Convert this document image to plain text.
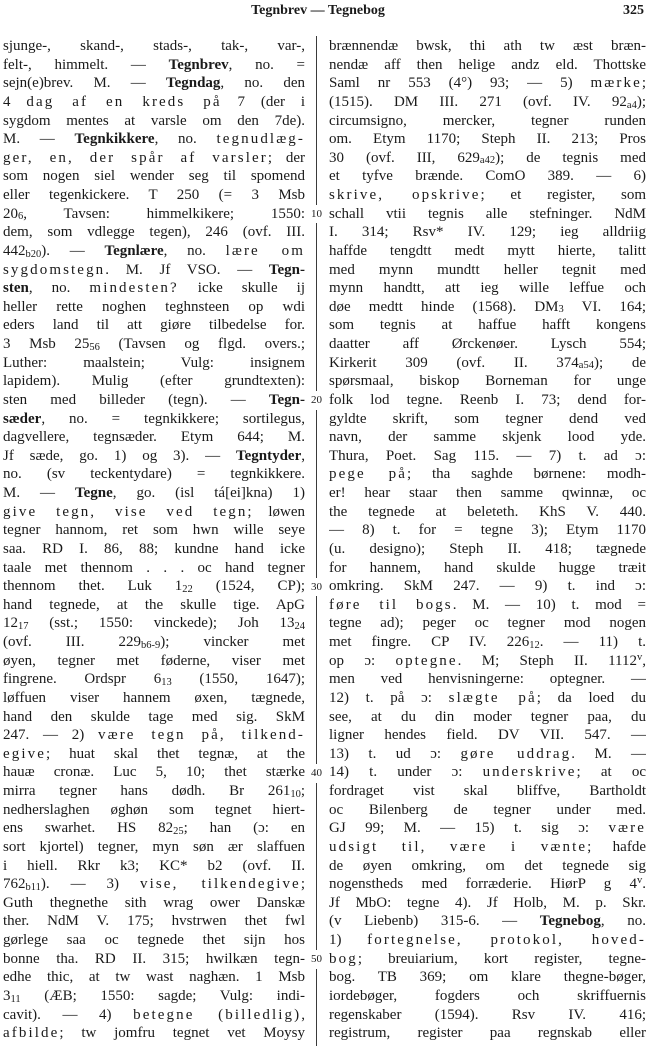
Tegnbrev — Tegnebog	325
sjunge-, skand-, stads-, tak-, var-,
felt-, himmelt. — Tegnbrev, no. =
sejn(e)brev. M. — Tegndag, no. den
4 dag af en kreds på 7 (der i
sygdom mentes at varsle om den 7de).
M. — Tegnkikkere, no. tegnudlæg-
ger, en, der spår af varsler; der
som nogen siel wender seg til spomend
eller tegenkickere. T 250 (= 3 Msb
206, Tavsen: himmelkikere; 1550:
dem, som vdlegge tegen), 246 (ovf. III.
442b20). — Tegnlære, no. lære om
sygdomstegn. M. Jf VSO. — Tegn-
sten, no. mindesten? icke skulle ij
heller rette noghen teghnsteen op wdi
eders land til att giøre tilbedelse for.
3 Msb 2556 (Tavsen og flgd. overs.;
Luther: maalstein; Vulg: insignem
lapidem). Mulig (efter grundtexten):
sten med billeder (tegn). — Tegn-
sæder, no. = tegnkikkere; sortilegus,
dagvellere, tegnsæder. Etym 644; M.
Jf sæde, go. 1) og 3). — Tegntyder,
no. (sv teckentydare) = tegnkikkere.
M. — Tegne, go. (isl tá[ei]kna) 1)
give tegn, vise ved tegn; løwen
tegner hannom, ret som hwn wille seye
saa. RD I. 86, 88; kundne hand icke
taale met thennom . . . oc hand tegner
thennom thet. Luk 122 (1524, CP);
hand tegnede, at the skulle tige. ApG
1217 (sst.; 1550: vinckede); Joh 1324
(ovf. III. 229b6-9); vincker met
øyen, tegner met føderne, viser met
fingrene. Ordspr 613 (1550, 1647);
løffuen viser hannem øxen, tægnede,
hand den skulde tage med sig. SkM
247. — 2) være tegn på, tilkend-
egive; huat skal thet tegnæ, at the
hauæ cronæ. Luc 5, 10; thet stærke
mirra tegner hans dødh. Br 26110;
nedherslaghen øghøn som tegnet hiert-
ens swarhet. HS 8225; han (ɔ: en
sort kjortel) tegner, myn søn ær slaffuen
i hiell. Rkr k3; KC* b2 (ovf. II.
762b11). — 3) vise, tilkendegive;
Guth thegnethe sith wrag ower Danskæ
ther. NdM V. 175; hvstrwen thet fwl
gørlege saa oc tegnede thet sijn hos
bonne tha. RD II. 315; hwilkæn tegn-
edhe thic, at tw wast naghæn. 1 Msb
311 (ÆB; 1550: sagde; Vulg: indi-
cavit). — 4) betegne (billedlig),
afbilde; tw jomfru tegnet vet Moysy
10
20
30
40
50
brænnendæ bwsk, thi ath tw æst bræn-
nendæ aff then helige andz eld. Thottske
Saml nr 553 (4°) 93; — 5) mærke;
(1515). DM III. 271 (ovf. IV. 92a4);
circumsigno, mercker, tegner runden
om. Etym 1170; Steph II. 213; Pros
30 (ovf. III, 629a42); de tegnis med
et tyfve brænde. ComO 389. — 6)
skrive, opskrive; et register, som
schall vtii tegnis alle stefninger. NdM
I. 314; Rsv* IV. 129; ieg alldriig
haffde tengdtt medt mytt hierte, talitt
med mynn mundtt heller tegnit med
mynn handtt, att ieg wille leffue och
døe medtt hinde (1568). DM3 VI. 164;
som tegnis at haffue hafft kongens
daatter aff Ørckenøer. Lysch 554;
Kirkerit 309 (ovf. II. 374a54); de
spørsmaal, biskop Borneman for unge
folk lod tegne. Reenb I. 73; dend for-
gyldte skrift, som tegner dend ved
navn, der samme skjenk lood yde.
Thura, Poet. Sag 115. — 7) t. ad ɔ:
pege på; tha saghde børnene: modh-
er! hear staar then samme qwinnæ, oc
the tegnede at beleteth. KhS V. 440.
— 8) t. for = tegne 3); Etym 1170
(u. designo); Steph II. 418; tægnede
for hannem, hand skulde hugge træit
omkring. SkM 247. — 9) t. ind ɔ:
føre til bogs. M. — 10) t. mod =
tegne ad); peger oc tegner mod nogen
met fingre. CP IV. 22612. — 11) t.
op ɔ: optegne. M; Steph II. 1112$^v$,
men ved henvisningerne: optegner. —
12) t. på ɔ: slægte på; da loed du
see, at du din moder tegner paa, du
ligner hendes field. DV VII. 547. —
13) t. ud ɔ: gøre uddrag. M. —
14) t. under ɔ: underskrive; at oc
fordraget vist skal bliffve, Bartholdt
oc Bilenberg de tegner under med.
GJ 99; M. — 15) t. sig ɔ: være
udsigt til, være i vænte; hafde
de øyen omkring, om det tegnede sig
nogenstheds med forræderie. HiørP g 4$^v$.
Jf MbO: tegne 4). Jf Holb, M. p. Skr.
(v Liebenb) 315-6. — Tegnebog, no.
1) fortegnelse, protokol, hoved-
bog; breuiarium, kort register, tegne-
bog. TB 369; om klare thegne-bøger,
iordebøger, fogders och skriffuernis
regenskaber (1594). Rsv IV. 416;
registrum, register paa regnskab eller
